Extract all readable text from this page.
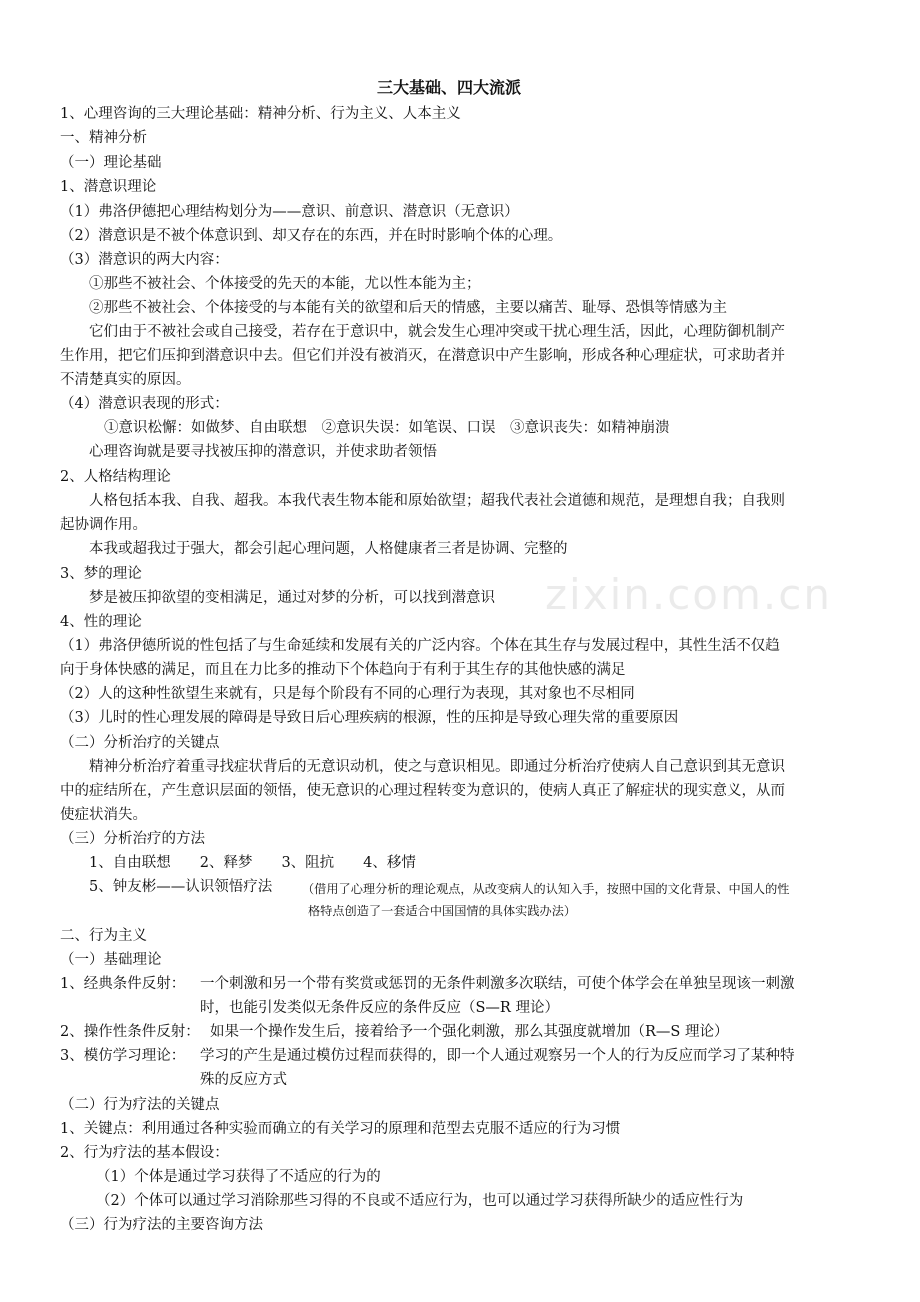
zixin.com.cn
三大基础、四大流派
1、心理咨询的三大理论基础：精神分析、行为主义、人本主义
一、精神分析
（一）理论基础
1、潜意识理论
（1）弗洛伊德把心理结构划分为——意识、前意识、潜意识（无意识）
（2）潜意识是不被个体意识到、却又存在的东西，并在时时影响个体的心理。
（3）潜意识的两大内容：
①那些不被社会、个体接受的先天的本能，尤以性本能为主；
②那些不被社会、个体接受的与本能有关的欲望和后天的情感，主要以痛苦、耻辱、恐惧等情感为主
它们由于不被社会或自己接受，若存在于意识中，就会发生心理冲突或干扰心理生活，因此，心理防御机制产
生作用，把它们压抑到潜意识中去。但它们并没有被消灭，在潜意识中产生影响，形成各种心理症状，可求助者并
不清楚真实的原因。
（4）潜意识表现的形式：
①意识松懈：如做梦、自由联想　②意识失误：如笔误、口误　③意识丧失：如精神崩溃
心理咨询就是要寻找被压抑的潜意识，并使求助者领悟
2、人格结构理论
人格包括本我、自我、超我。本我代表生物本能和原始欲望；超我代表社会道德和规范，是理想自我；自我则
起协调作用。
本我或超我过于强大，都会引起心理问题，人格健康者三者是协调、完整的
3、梦的理论
梦是被压抑欲望的变相满足，通过对梦的分析，可以找到潜意识
4、性的理论
（1）弗洛伊德所说的性包括了与生命延续和发展有关的广泛内容。个体在其生存与发展过程中，其性生活不仅趋
向于身体快感的满足，而且在力比多的推动下个体趋向于有利于其生存的其他快感的满足
（2）人的这种性欲望生来就有，只是每个阶段有不同的心理行为表现，其对象也不尽相同
（3）儿时的性心理发展的障碍是导致日后心理疾病的根源，性的压抑是导致心理失常的重要原因
（二）分析治疗的关键点
精神分析治疗着重寻找症状背后的无意识动机，使之与意识相见。即通过分析治疗使病人自己意识到其无意识
中的症结所在，产生意识层面的领悟，使无意识的心理过程转变为意识的，使病人真正了解症状的现实意义，从而
使症状消失。
（三）分析治疗的方法
1、自由联想　　2、释梦　　3、阻抗　　4、移情
5、钟友彬——认识领悟疗法 （借用了心理分析的理论观点，从改变病人的认知入手，按照中国的文化背景、中国人的性
格特点创造了一套适合中国国情的具体实践办法）
二、行为主义
（一）基础理论
1、经典条件反射： 一个刺激和另一个带有奖赏或惩罚的无条件刺激多次联结，可使个体学会在单独呈现该一刺激
时，也能引发类似无条件反应的条件反应（S—R 理论）
2、操作性条件反射： 如果一个操作发生后，接着给予一个强化刺激，那么其强度就增加（R—S 理论）
3、模仿学习理论： 学习的产生是通过模仿过程而获得的，即一个人通过观察另一个人的行为反应而学习了某种特
殊的反应方式
（二）行为疗法的关键点
1、关键点：利用通过各种实验而确立的有关学习的原理和范型去克服不适应的行为习惯
2、行为疗法的基本假设：
（1）个体是通过学习获得了不适应的行为的
（2）个体可以通过学习消除那些习得的不良或不适应行为，也可以通过学习获得所缺少的适应性行为
（三）行为疗法的主要咨询方法
